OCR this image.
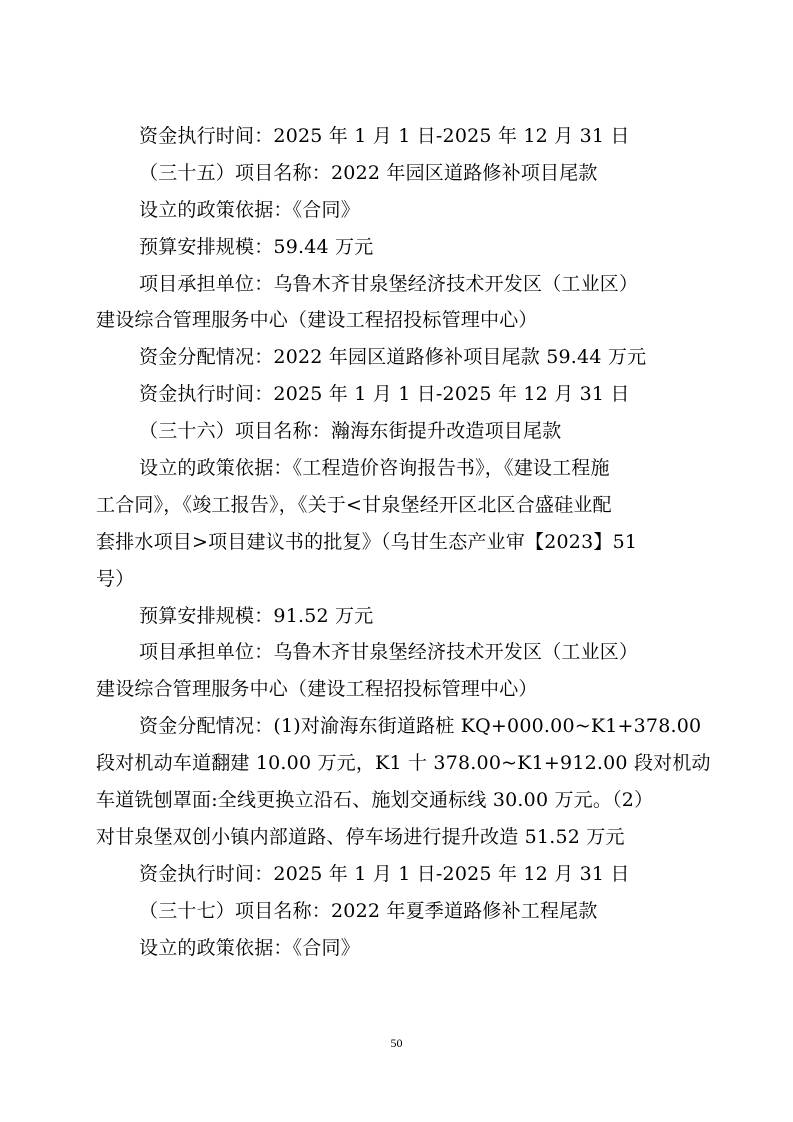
资金执行时间：2025 年 1 月 1 日-2025 年 12 月 31 日
（三十五）项目名称：2022 年园区道路修补项目尾款
设立的政策依据：《合同》
预算安排规模：59.44 万元
项目承担单位：乌鲁木齐甘泉堡经济技术开发区（工业区）
建设综合管理服务中心（建设工程招投标管理中心）
资金分配情况：2022 年园区道路修补项目尾款 59.44 万元
资金执行时间：2025 年 1 月 1 日-2025 年 12 月 31 日
（三十六）项目名称：瀚海东街提升改造项目尾款
设立的政策依据：《工程造价咨询报告书》，《建设工程施
工合同》，《竣工报告》，《关于<甘泉堡经开区北区合盛硅业配
套排水项目>项目建议书的批复》（乌甘生态产业审【2023】51
号）
预算安排规模：91.52 万元
项目承担单位：乌鲁木齐甘泉堡经济技术开发区（工业区）
建设综合管理服务中心（建设工程招投标管理中心）
资金分配情况：(1)对渝海东街道路桩 KQ+000.00~K1+378.00
段对机动车道翻建 10.00 万元，K1 十 378.00~K1+912.00 段对机动
车道铣刨罩面:全线更换立沿石、施划交通标线 30.00 万元。（2）
对甘泉堡双创小镇内部道路、停车场进行提升改造 51.52 万元
资金执行时间：2025 年 1 月 1 日-2025 年 12 月 31 日
（三十七）项目名称：2022 年夏季道路修补工程尾款
设立的政策依据：《合同》
50
